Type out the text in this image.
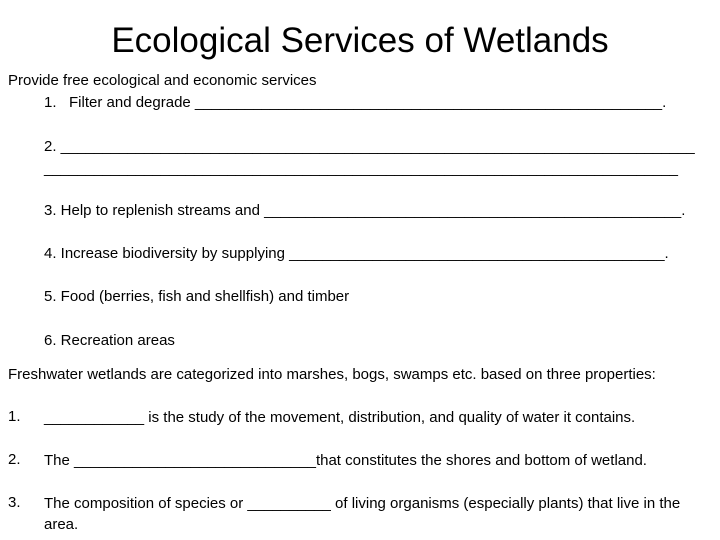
Ecological Services of Wetlands
Provide free ecological and economic services
1.   Filter and degrade ________________________________________________________.
2. ____________________________________________________________________________
____________________________________________________________________________
3. Help to replenish streams and __________________________________________________.
4. Increase biodiversity by supplying _____________________________________________.
5. Food (berries, fish and shellfish) and timber
6. Recreation areas
Freshwater wetlands are categorized into marshes, bogs, swamps etc. based on three properties:
1. ____________ is the study of the movement, distribution, and quality of water it contains.
2. The _____________________________that constitutes the shores and bottom of wetland.
3. The composition of species or __________ of living organisms (especially plants) that live in the area.
